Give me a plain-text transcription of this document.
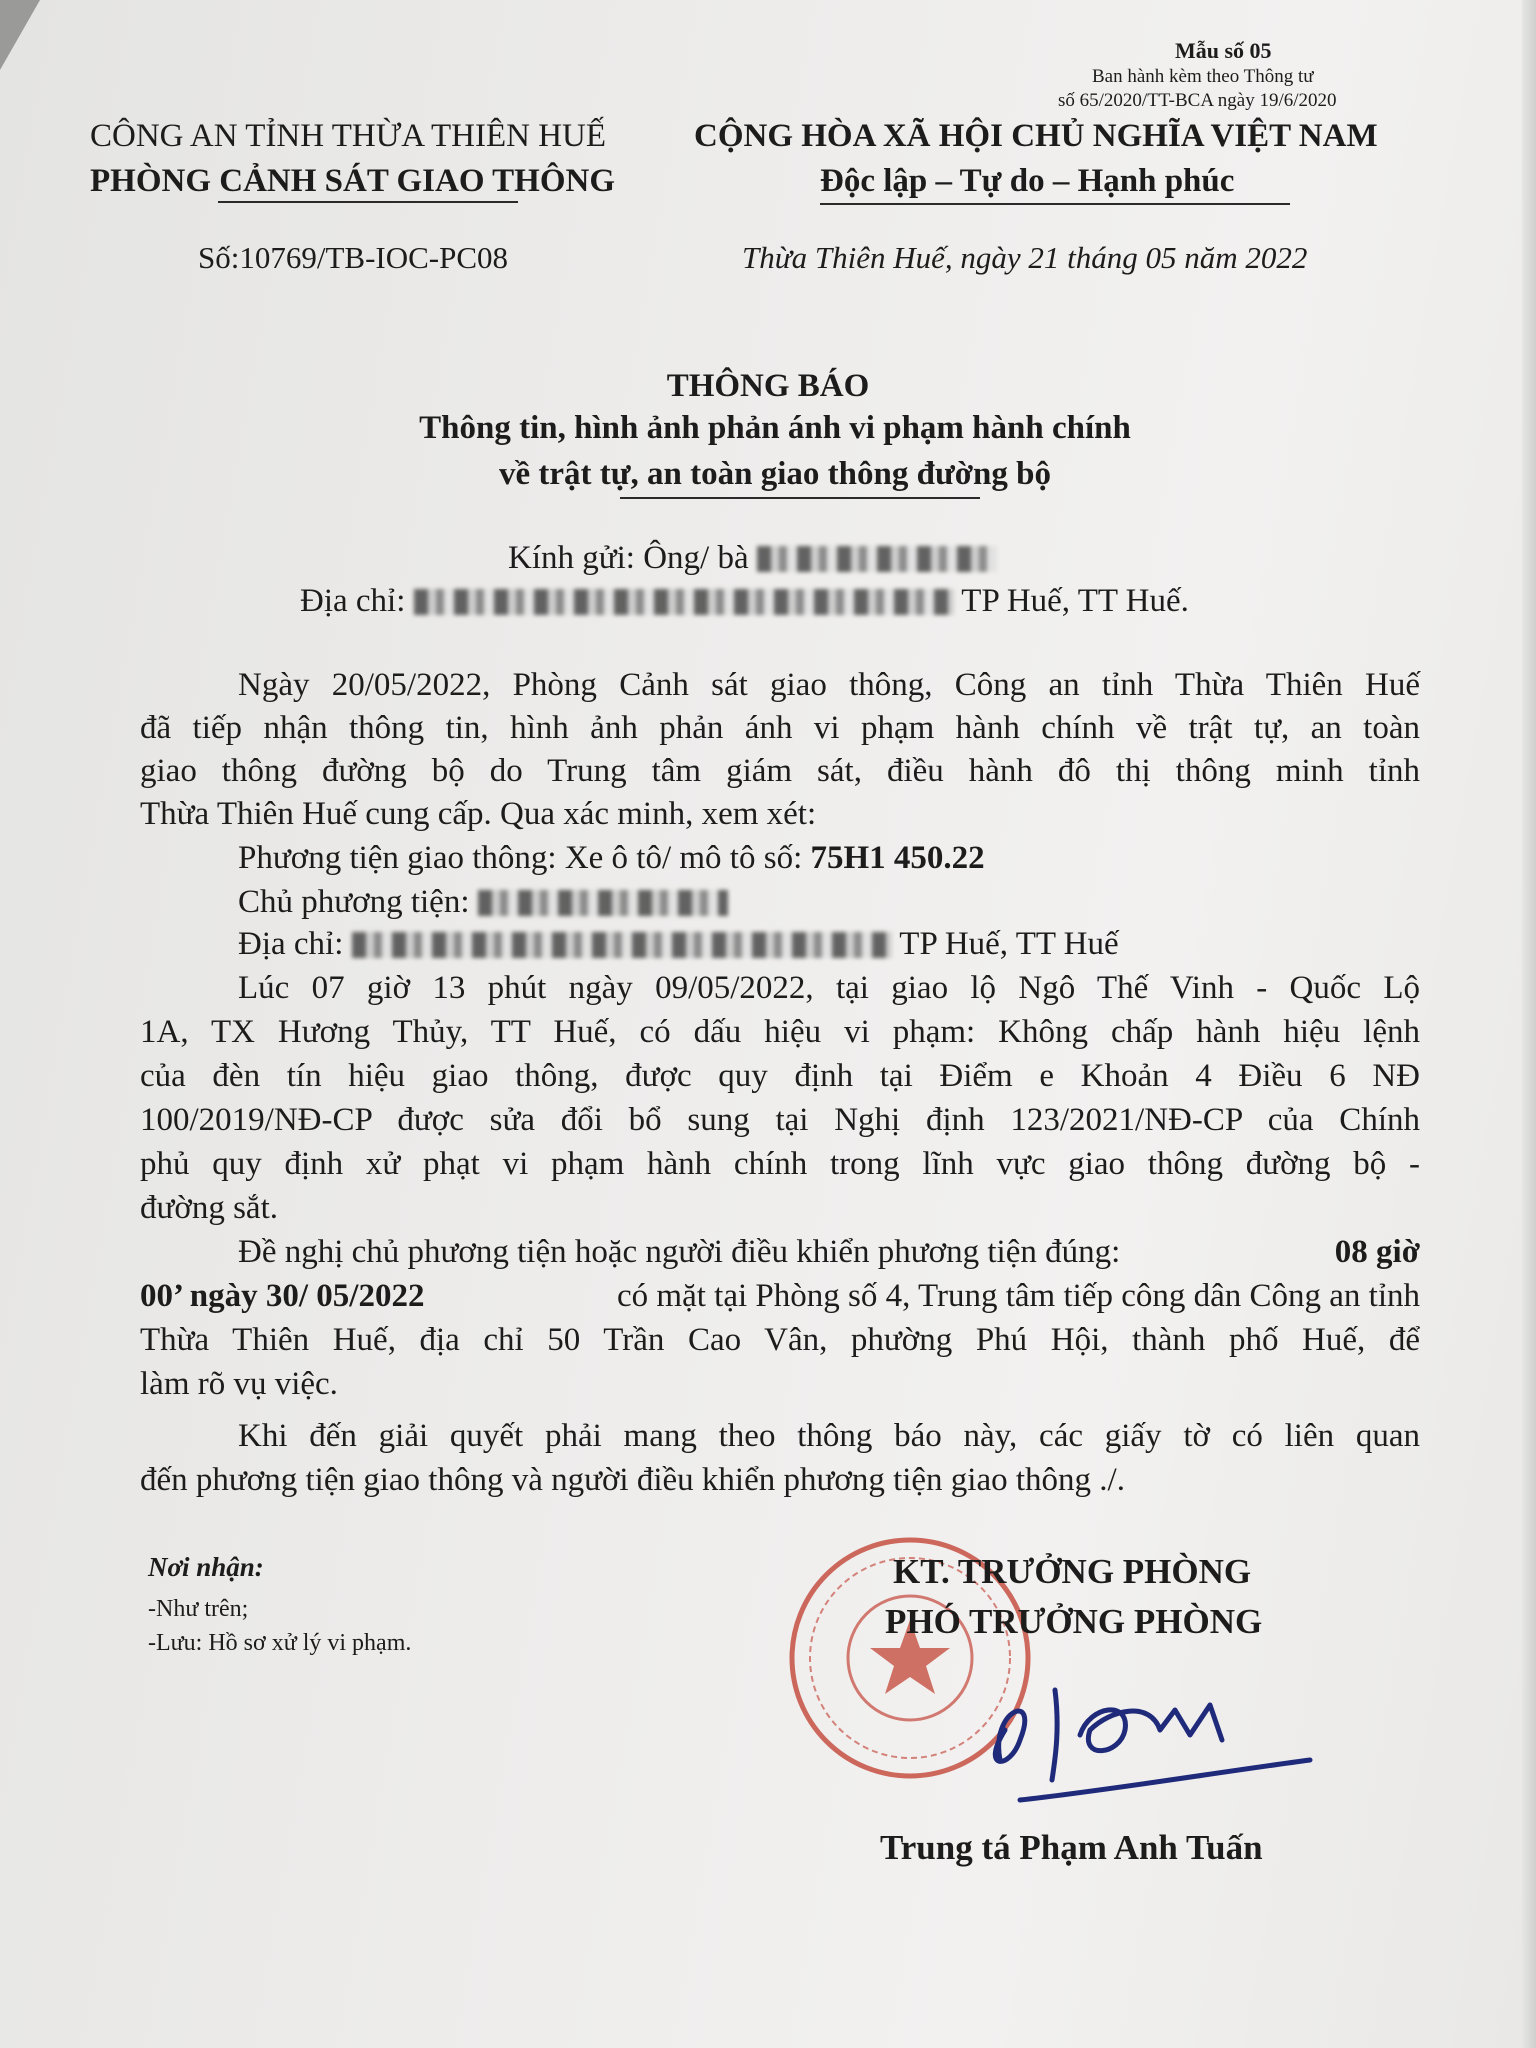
Mẫu số 05
Ban hành kèm theo Thông tư
số 65/2020/TT-BCA ngày 19/6/2020
CÔNG AN TỈNH THỪA THIÊN HUẾ
PHÒNG CẢNH SÁT GIAO THÔNG
CỘNG HÒA XÃ HỘI CHỦ NGHĨA VIỆT NAM
Độc lập – Tự do – Hạnh phúc
Số:10769/TB-IOC-PC08	Thừa Thiên Huế, ngày 21 tháng 05 năm 2022
THÔNG BÁO
Thông tin, hình ảnh phản ánh vi phạm hành chính
về trật tự, an toàn giao thông đường bộ
Kính gửi: Ông/ bà
Địa chỉ:	TP Huế, TT Huế.
Ngày 20/05/2022, Phòng Cảnh sát giao thông, Công an tỉnh Thừa Thiên Huế
đã tiếp nhận thông tin, hình ảnh phản ánh vi phạm hành chính về trật tự, an toàn
giao thông đường bộ do Trung tâm giám sát, điều hành đô thị thông minh tỉnh
Thừa Thiên Huế cung cấp. Qua xác minh, xem xét:
Phương tiện giao thông: Xe ô tô/ mô tô số: 75H1 450.22
Chủ phương tiện:
Địa chỉ:	TP Huế, TT Huế
Lúc 07 giờ 13 phút ngày 09/05/2022, tại giao lộ Ngô Thế Vinh - Quốc Lộ
1A, TX Hương Thủy, TT Huế, có dấu hiệu vi phạm: Không chấp hành hiệu lệnh
của đèn tín hiệu giao thông, được quy định tại Điểm e Khoản 4 Điều 6 NĐ
100/2019/NĐ-CP được sửa đổi bổ sung tại Nghị định 123/2021/NĐ-CP của Chính
phủ quy định xử phạt vi phạm hành chính trong lĩnh vực giao thông đường bộ -
đường sắt.
Đề nghị chủ phương tiện hoặc người điều khiển phương tiện đúng:	08 giờ
00’ ngày 30/ 05/2022	có mặt tại Phòng số 4, Trung tâm tiếp công dân Công an tỉnh
Thừa Thiên Huế, địa chỉ 50 Trần Cao Vân, phường Phú Hội, thành phố Huế, để
làm rõ vụ việc.
Khi đến giải quyết phải mang theo thông báo này, các giấy tờ có liên quan
đến phương tiện giao thông và người điều khiển phương tiện giao thông ./.
Nơi nhận:
-Như trên;
-Lưu: Hồ sơ xử lý vi phạm.
KT. TRƯỞNG PHÒNG
PHÓ TRƯỞNG PHÒNG
Trung tá Phạm Anh Tuấn
